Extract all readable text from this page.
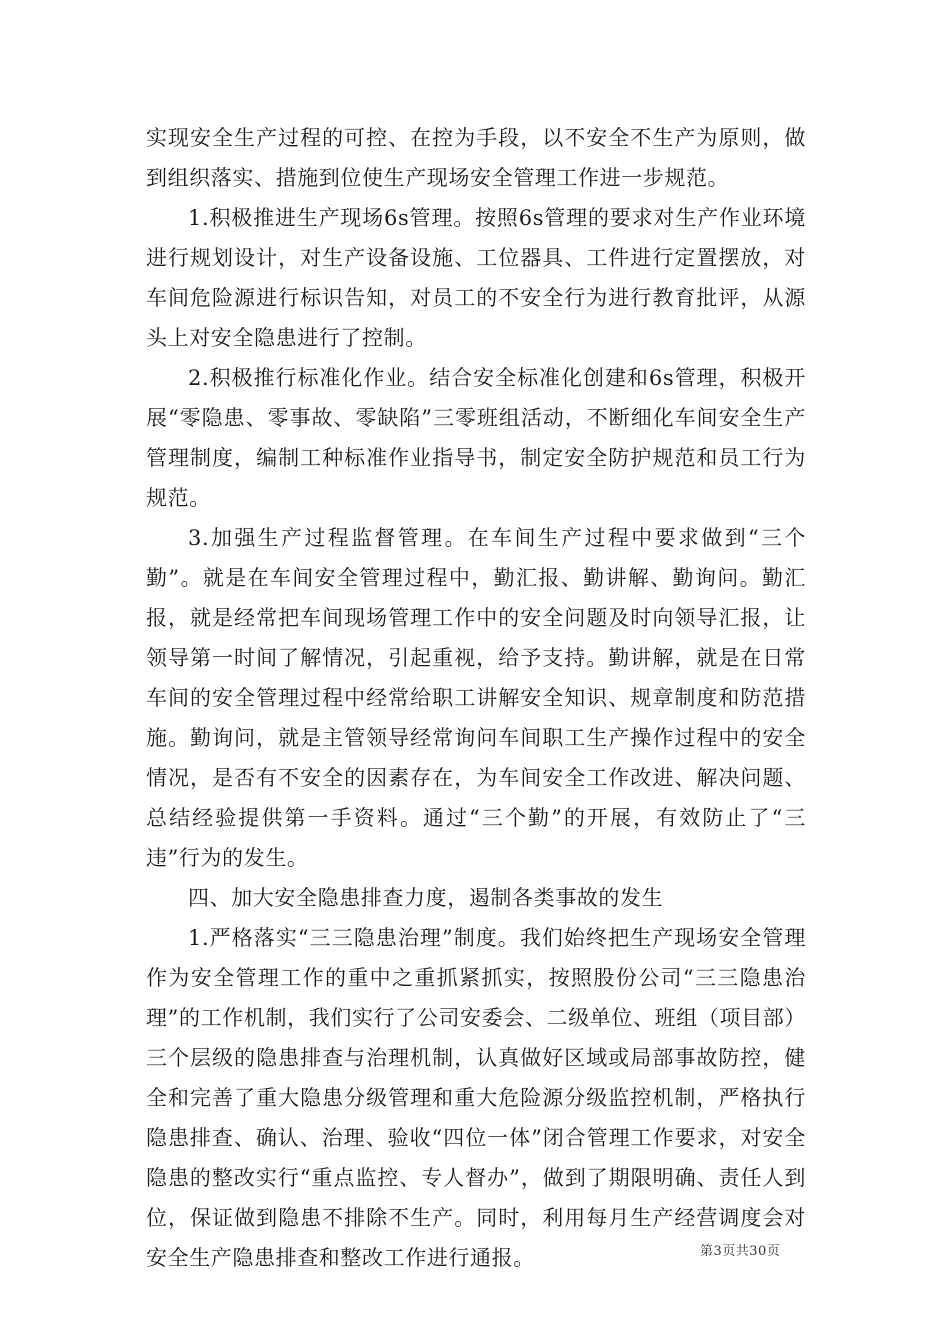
实现安全生产过程的可控、在控为手段，以不安全不生产为原则，做到组织落实、措施到位使生产现场安全管理工作进一步规范。

1.积极推进生产现场6s管理。按照6s管理的要求对生产作业环境进行规划设计，对生产设备设施、工位器具、工件进行定置摆放，对车间危险源进行标识告知，对员工的不安全行为进行教育批评，从源头上对安全隐患进行了控制。

2.积极推行标准化作业。结合安全标准化创建和6s管理，积极开展“零隐患、零事故、零缺陷”三零班组活动，不断细化车间安全生产管理制度，编制工种标准作业指导书，制定安全防护规范和员工行为规范。

3.加强生产过程监督管理。在车间生产过程中要求做到“三个勤”。就是在车间安全管理过程中，勤汇报、勤讲解、勤询问。勤汇报，就是经常把车间现场管理工作中的安全问题及时向领导汇报，让领导第一时间了解情况，引起重视，给予支持。勤讲解，就是在日常车间的安全管理过程中经常给职工讲解安全知识、规章制度和防范措施。勤询问，就是主管领导经常询问车间职工生产操作过程中的安全情况，是否有不安全的因素存在，为车间安全工作改进、解决问题、总结经验提供第一手资料。通过“三个勤”的开展，有效防止了“三违”行为的发生。

四、加大安全隐患排查力度，遏制各类事故的发生

1.严格落实“三三隐患治理”制度。我们始终把生产现场安全管理作为安全管理工作的重中之重抓紧抓实，按照股份公司“三三隐患治理”的工作机制，我们实行了公司安委会、二级单位、班组（项目部）三个层级的隐患排查与治理机制，认真做好区域或局部事故防控，健全和完善了重大隐患分级管理和重大危险源分级监控机制，严格执行隐患排查、确认、治理、验收“四位一体”闭合管理工作要求，对安全隐患的整改实行“重点监控、专人督办”，做到了期限明确、责任人到位，保证做到隐患不排除不生产。同时，利用每月生产经营调度会对安全生产隐患排查和整改工作进行通报。	第3页共30页
